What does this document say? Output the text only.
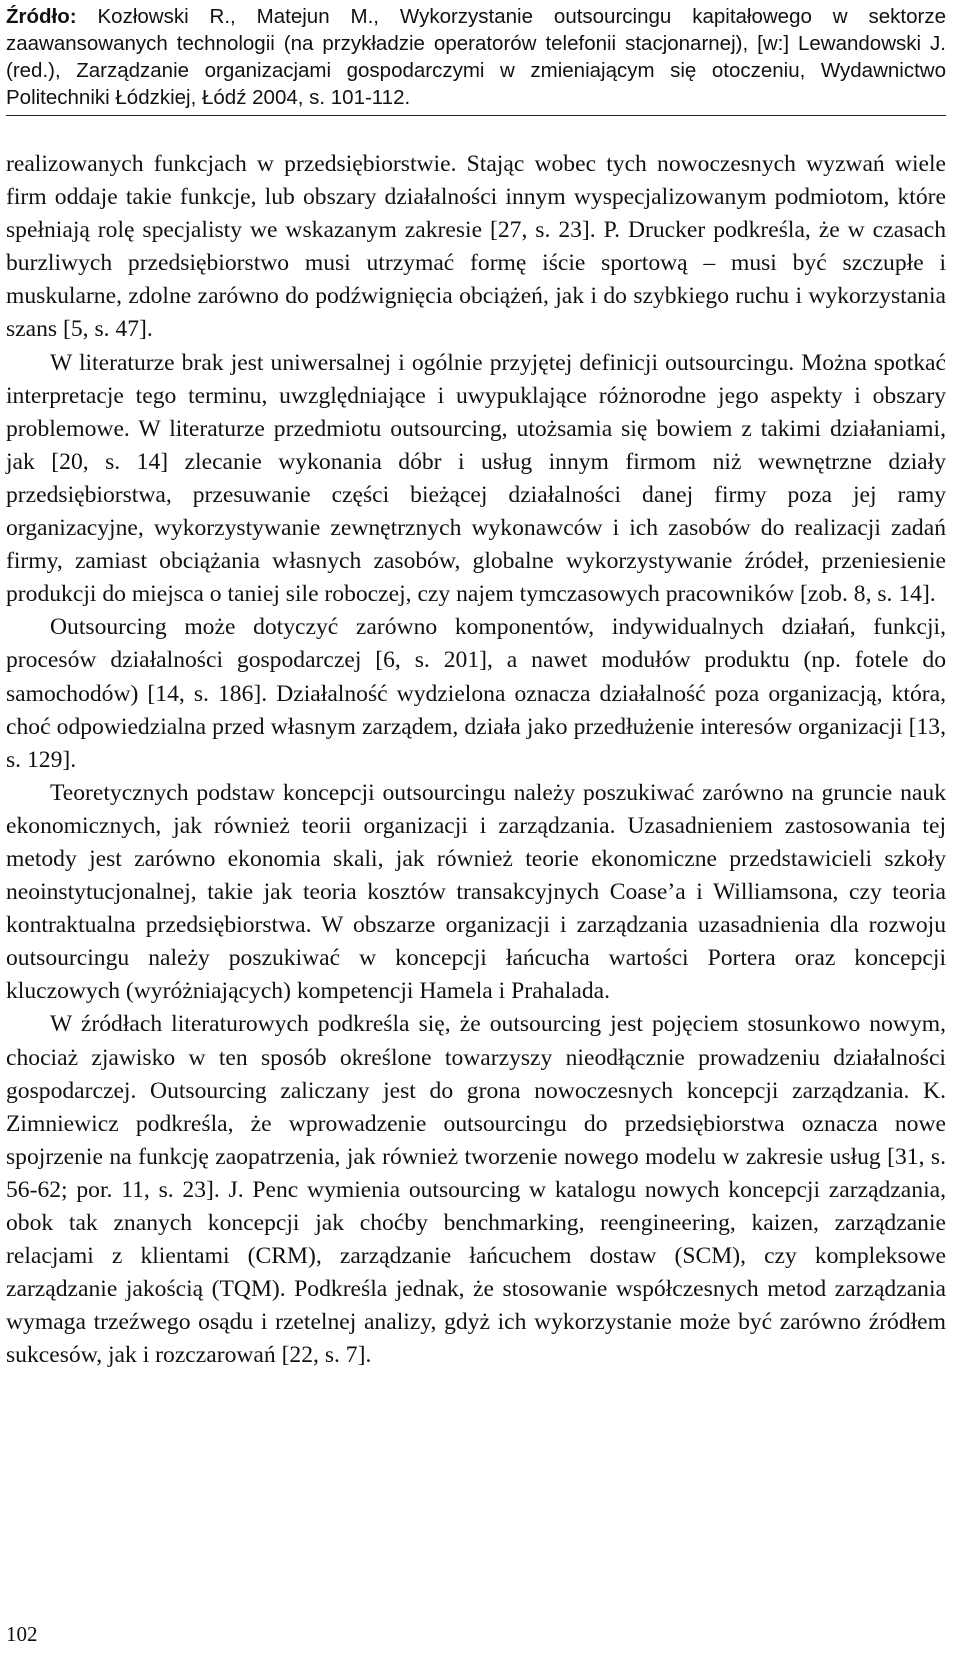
Źródło: Kozłowski R., Matejun M., Wykorzystanie outsourcingu kapitałowego w sektorze zaawansowanych technologii (na przykładzie operatorów telefonii stacjonarnej), [w:] Lewandowski J. (red.), Zarządzanie organizacjami gospodarczymi w zmieniającym się otoczeniu, Wydawnictwo Politechniki Łódzkiej, Łódź 2004, s. 101-112.

realizowanych funkcjach w przedsiębiorstwie. Stając wobec tych nowoczesnych wyzwań wiele firm oddaje takie funkcje, lub obszary działalności innym wyspecjalizowanym podmiotom, które spełniają rolę specjalisty we wskazanym zakresie [27, s. 23]. P. Drucker podkreśla, że w czasach burzliwych przedsiębiorstwo musi utrzymać formę iście sportową – musi być szczupłe i muskularne, zdolne zarówno do podźwignięcia obciążeń, jak i do szybkiego ruchu i wykorzystania szans [5, s. 47].

W literaturze brak jest uniwersalnej i ogólnie przyjętej definicji outsourcingu. Można spotkać interpretacje tego terminu, uwzględniające i uwypuklające różnorodne jego aspekty i obszary problemowe. W literaturze przedmiotu outsourcing, utożsamia się bowiem z takimi działaniami, jak [20, s. 14] zlecanie wykonania dóbr i usług innym firmom niż wewnętrzne działy przedsiębiorstwa, przesuwanie części bieżącej działalności danej firmy poza jej ramy organizacyjne, wykorzystywanie zewnętrznych wykonawców i ich zasobów do realizacji zadań firmy, zamiast obciążania własnych zasobów, globalne wykorzystywanie źródeł, przeniesienie produkcji do miejsca o taniej sile roboczej, czy najem tymczasowych pracowników [zob. 8, s. 14].

Outsourcing może dotyczyć zarówno komponentów, indywidualnych działań, funkcji, procesów działalności gospodarczej [6, s. 201], a nawet modułów produktu (np. fotele do samochodów) [14, s. 186]. Działalność wydzielona oznacza działalność poza organizacją, która, choć odpowiedzialna przed własnym zarządem, działa jako przedłużenie interesów organizacji [13, s. 129].

Teoretycznych podstaw koncepcji outsourcingu należy poszukiwać zarówno na gruncie nauk ekonomicznych, jak również teorii organizacji i zarządzania. Uzasadnieniem zastosowania tej metody jest zarówno ekonomia skali, jak również teorie ekonomiczne przedstawicieli szkoły neoinstytucjonalnej, takie jak teoria kosztów transakcyjnych Coase’a i Williamsona, czy teoria kontraktualna przedsiębiorstwa. W obszarze organizacji i zarządzania uzasadnienia dla rozwoju outsourcingu należy poszukiwać w koncepcji łańcucha wartości Portera oraz koncepcji kluczowych (wyróżniających) kompetencji Hamela i Prahalada.

W źródłach literaturowych podkreśla się, że outsourcing jest pojęciem stosunkowo nowym, chociaż zjawisko w ten sposób określone towarzyszy nieodłącznie prowadzeniu działalności gospodarczej. Outsourcing zaliczany jest do grona nowoczesnych koncepcji zarządzania. K. Zimniewicz podkreśla, że wprowadzenie outsourcingu do przedsiębiorstwa oznacza nowe spojrzenie na funkcję zaopatrzenia, jak również tworzenie nowego modelu w zakresie usług [31, s. 56-62; por. 11, s. 23]. J. Penc wymienia outsourcing w katalogu nowych koncepcji zarządzania, obok tak znanych koncepcji jak choćby benchmarking, reengineering, kaizen, zarządzanie relacjami z klientami (CRM), zarządzanie łańcuchem dostaw (SCM), czy kompleksowe zarządzanie jakością (TQM). Podkreśla jednak, że stosowanie współczesnych metod zarządzania wymaga trzeźwego osądu i rzetelnej analizy, gdyż ich wykorzystanie może być zarówno źródłem sukcesów, jak i rozczarowań [22, s. 7].

102
